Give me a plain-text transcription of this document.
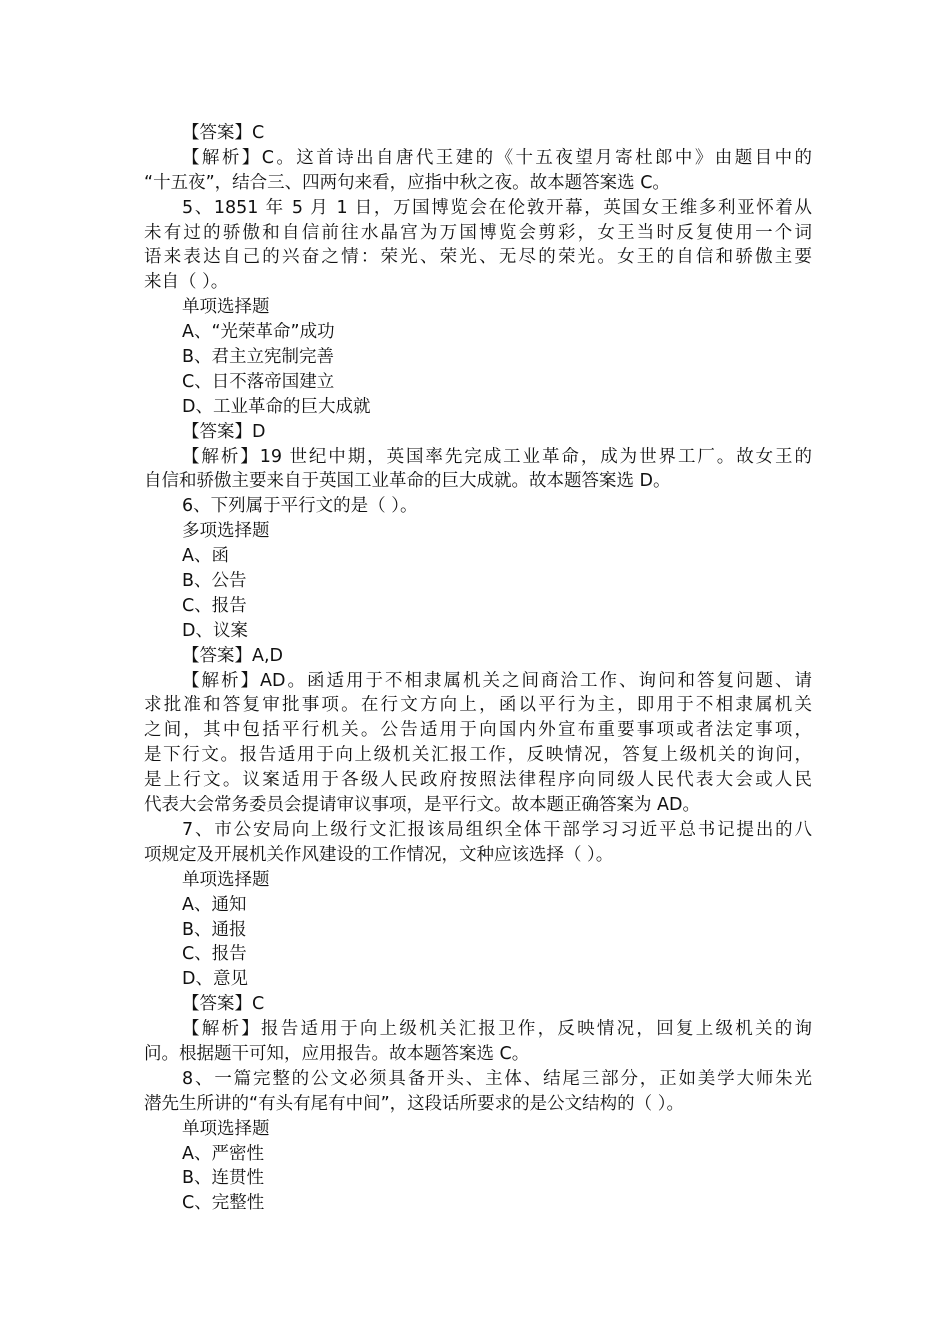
【答案】C

【解析】C。这首诗出自唐代王建的《十五夜望月寄杜郎中》由题目中的

“十五夜”，结合三、四两句来看，应指中秋之夜。故本题答案选 C。

5、1851 年 5 月 1 日，万国博览会在伦敦开幕，英国女王维多利亚怀着从

未有过的骄傲和自信前往水晶宫为万国博览会剪彩，女王当时反复使用一个词

语来表达自己的兴奋之情：荣光、荣光、无尽的荣光。女王的自信和骄傲主要

来自（ ）。

单项选择题

A、“光荣革命”成功

B、君主立宪制完善

C、日不落帝国建立

D、工业革命的巨大成就

【答案】D

【解析】19 世纪中期，英国率先完成工业革命，成为世界工厂。故女王的

自信和骄傲主要来自于英国工业革命的巨大成就。故本题答案选 D。

6、下列属于平行文的是（ ）。

多项选择题

A、函

B、公告

C、报告

D、议案

【答案】A,D

【解析】AD。函适用于不相隶属机关之间商洽工作、询问和答复问题、请

求批准和答复审批事项。在行文方向上，函以平行为主，即用于不相隶属机关

之间，其中包括平行机关。公告适用于向国内外宣布重要事项或者法定事项，

是下行文。报告适用于向上级机关汇报工作，反映情况，答复上级机关的询问，

是上行文。议案适用于各级人民政府按照法律程序向同级人民代表大会或人民

代表大会常务委员会提请审议事项，是平行文。故本题正确答案为 AD。

7、市公安局向上级行文汇报该局组织全体干部学习习近平总书记提出的八

项规定及开展机关作风建设的工作情况，文种应该选择（ ）。

单项选择题

A、通知

B、通报

C、报告

D、意见

【答案】C

【解析】报告适用于向上级机关汇报卫作，反映情况，回复上级机关的询

问。根据题干可知，应用报告。故本题答案选 C。

8、一篇完整的公文必须具备开头、主体、结尾三部分，正如美学大师朱光

潜先生所讲的“有头有尾有中间”，这段话所要求的是公文结构的（ ）。

单项选择题

A、严密性

B、连贯性

C、完整性
